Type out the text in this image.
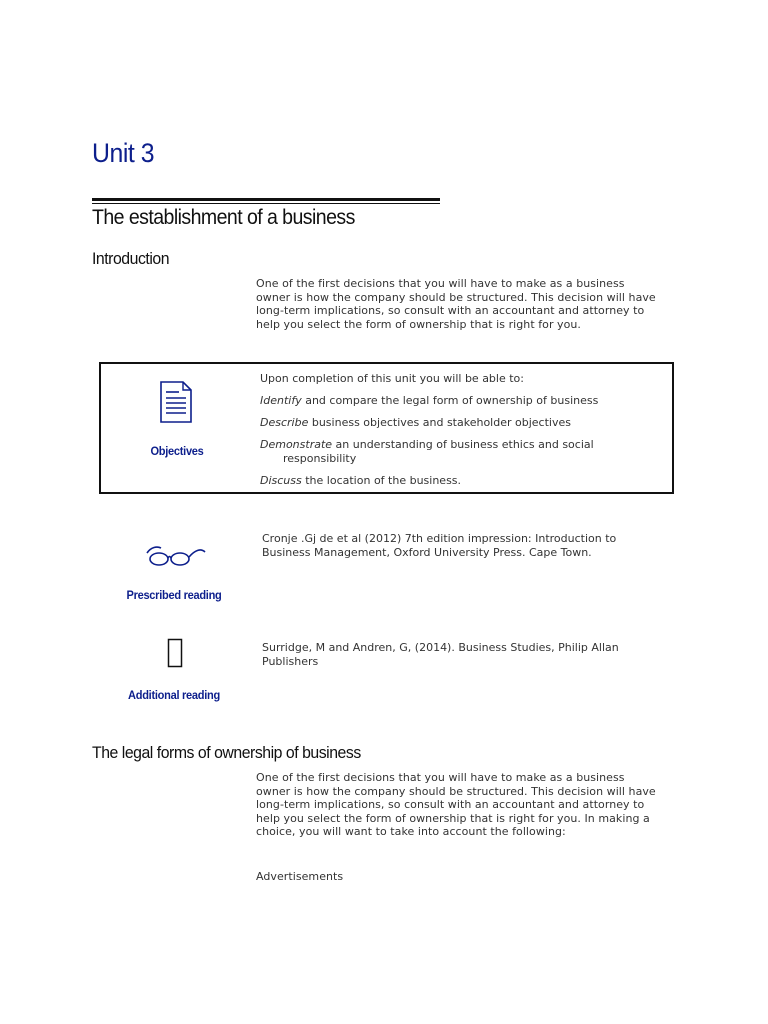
Unit 3
The establishment of a business
Introduction
One of the first decisions that you will have to make as a business
owner is how the company should be structured. This decision will have
long-term implications, so consult with an accountant and attorney to
help you select the form of ownership that is right for you.
Objectives
Upon completion of this unit you will be able to:
Identify and compare the legal form of ownership of business
Describe business objectives and stakeholder objectives
Demonstrate an understanding of business ethics and social
responsibility
Discuss the location of the business.
Prescribed reading
Cronje .Gj de et al (2012) 7th edition impression: Introduction to
Business Management, Oxford University Press. Cape Town.
Additional reading
Surridge, M and Andren, G, (2014). Business Studies, Philip Allan
Publishers
The legal forms of ownership of business
One of the first decisions that you will have to make as a business
owner is how the company should be structured. This decision will have
long-term implications, so consult with an accountant and attorney to
help you select the form of ownership that is right for you. In making a
choice, you will want to take into account the following:
Advertisements
